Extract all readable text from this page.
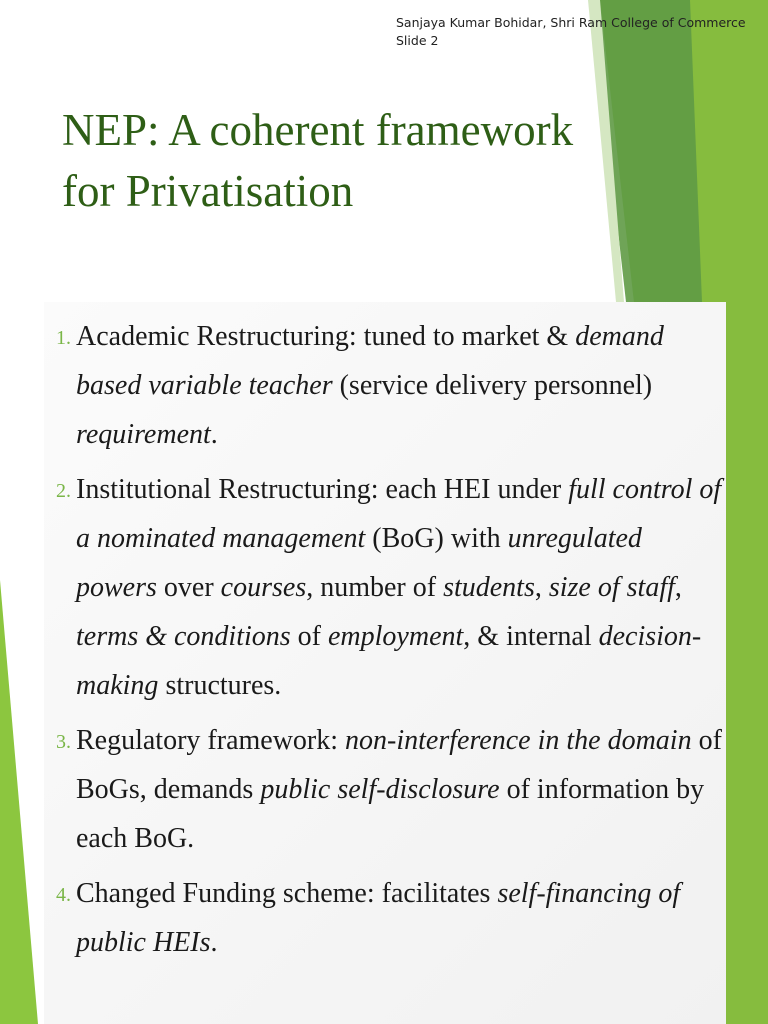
Sanjaya Kumar Bohidar, Shri Ram College of Commerce
Slide 2
NEP: A coherent framework for Privatisation
1. Academic Restructuring: tuned to market & demand based variable teacher (service delivery personnel) requirement.
2. Institutional Restructuring: each HEI under full control of a nominated management (BoG) with unregulated powers over courses, number of students, size of staff, terms & conditions of employment, & internal decision-making structures.
3. Regulatory framework: non-interference in the domain of BoGs, demands public self-disclosure of information by each BoG.
4. Changed Funding scheme: facilitates self-financing of public HEIs.
